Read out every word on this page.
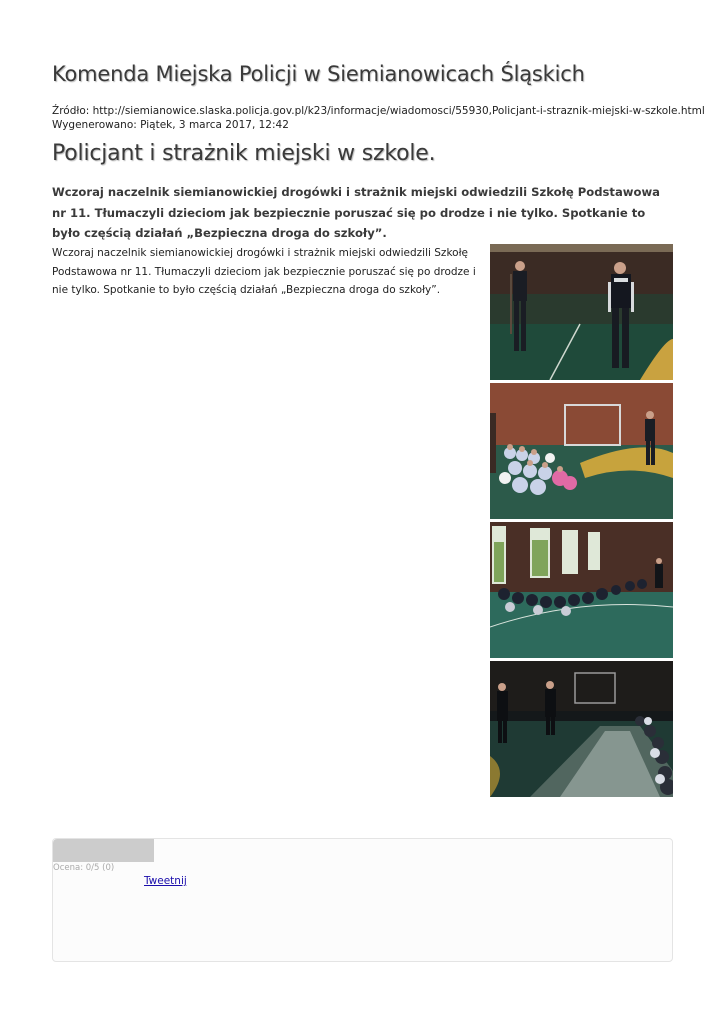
Komenda Miejska Policji w Siemianowicach Śląskich
Źródło: http://siemianowice.slaska.policja.gov.pl/k23/informacje/wiadomosci/55930,Policjant-i-straznik-miejski-w-szkole.html
Wygenerowano: Piątek, 3 marca 2017, 12:42
Policjant i strażnik miejski w szkole.

Wczoraj naczelnik siemianowickiej drogówki i strażnik miejski odwiedzili Szkołę Podstawowa nr 11. Tłumaczyli dzieciom jak bezpiecznie poruszać się po drodze i nie tylko. Spotkanie to było częścią działań „Bezpieczna droga do szkoły”.

Wczoraj naczelnik siemianowickiej drogówki i strażnik miejski odwiedzili Szkołę Podstawowa nr 11. Tłumaczyli dzieciom jak bezpiecznie poruszać się po drodze i nie tylko. Spotkanie to było częścią działań „Bezpieczna droga do szkoły”.

Ocena: 0/5 (0)
Tweetnij
